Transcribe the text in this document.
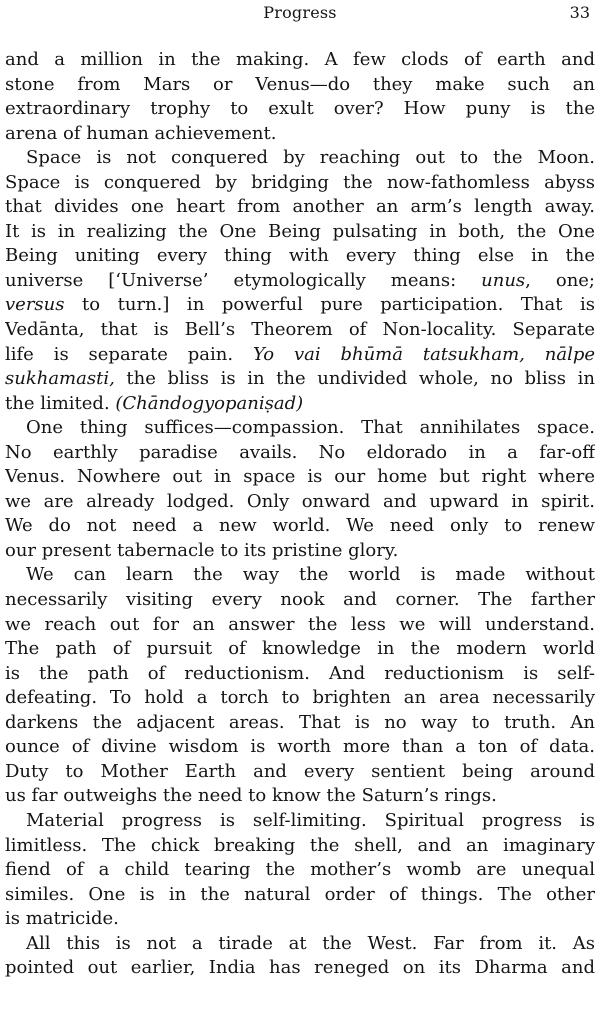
Progress	33
and a million in the making. A few clods of earth and
stone from Mars or Venus—do they make such an
extraordinary trophy to exult over? How puny is the
arena of human achievement.
Space is not conquered by reaching out to the Moon.
Space is conquered by bridging the now-fathomless abyss
that divides one heart from another an arm’s length away.
It is in realizing the One Being pulsating in both, the One
Being uniting every thing with every thing else in the
universe [‘Universe’ etymologically means: unus, one;
versus to turn.] in powerful pure participation. That is
Vedānta, that is Bell’s Theorem of Non-locality. Separate
life is separate pain. Yo vai bhūmā tatsukham, nālpe
sukhamasti, the bliss is in the undivided whole, no bliss in
the limited. (Chāndogyopaniṣad)
One thing suffices—compassion. That annihilates space.
No earthly paradise avails. No eldorado in a far-off
Venus. Nowhere out in space is our home but right where
we are already lodged. Only onward and upward in spirit.
We do not need a new world. We need only to renew
our present tabernacle to its pristine glory.
We can learn the way the world is made without
necessarily visiting every nook and corner. The farther
we reach out for an answer the less we will understand.
The path of pursuit of knowledge in the modern world
is the path of reductionism. And reductionism is self-
defeating. To hold a torch to brighten an area necessarily
darkens the adjacent areas. That is no way to truth. An
ounce of divine wisdom is worth more than a ton of data.
Duty to Mother Earth and every sentient being around
us far outweighs the need to know the Saturn’s rings.
Material progress is self-limiting. Spiritual progress is
limitless. The chick breaking the shell, and an imaginary
fiend of a child tearing the mother’s womb are unequal
similes. One is in the natural order of things. The other
is matricide.
All this is not a tirade at the West. Far from it. As
pointed out earlier, India has reneged on its Dharma and
